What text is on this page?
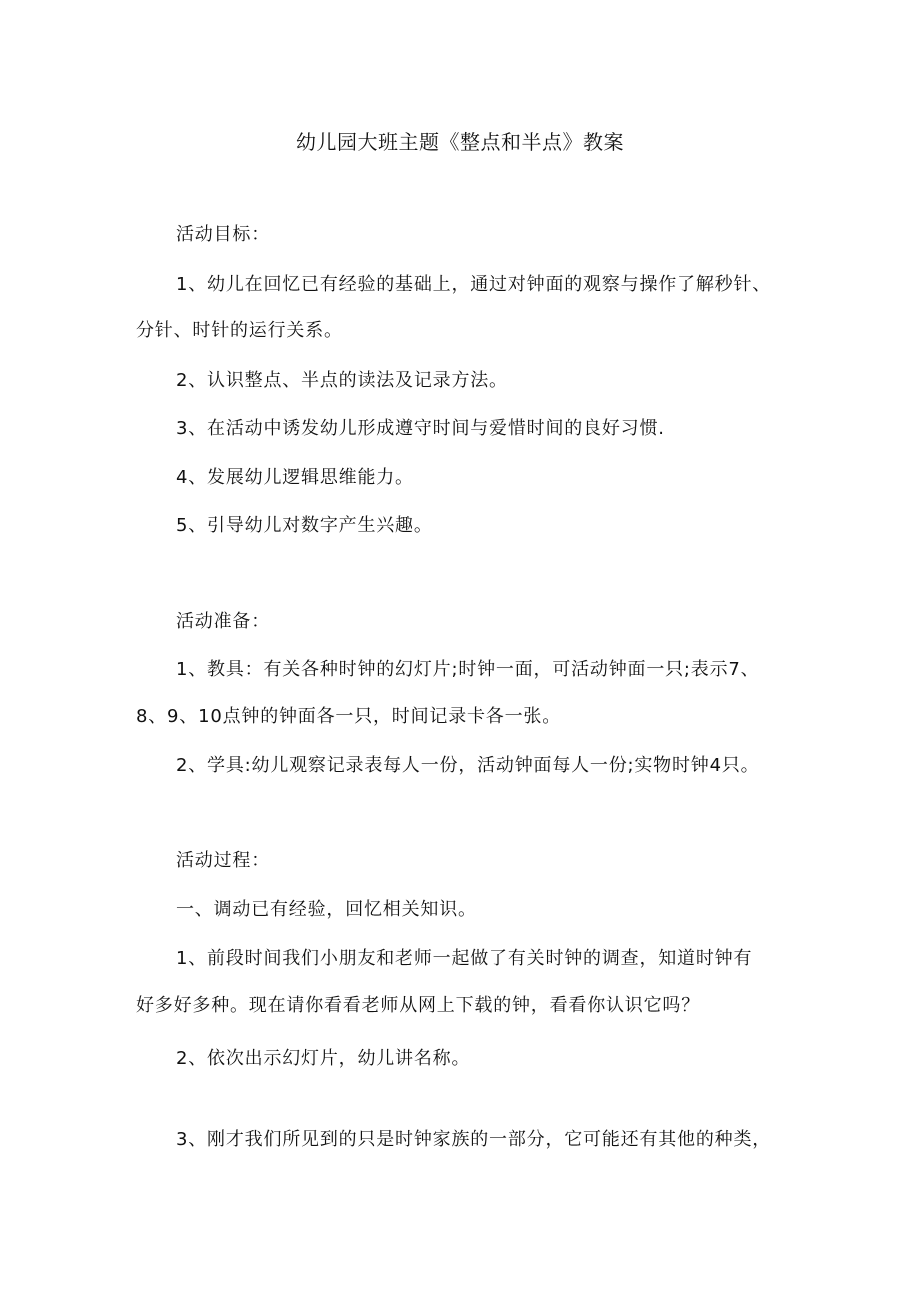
幼儿园大班主题《整点和半点》教案
活动目标：
1、幼儿在回忆已有经验的基础上，通过对钟面的观察与操作了解秒针、
分针、时针的运行关系。
2、认识整点、半点的读法及记录方法。
3、在活动中诱发幼儿形成遵守时间与爱惜时间的良好习惯.
4、发展幼儿逻辑思维能力。
5、引导幼儿对数字产生兴趣。
活动准备：
1、教具：有关各种时钟的幻灯片;时钟一面，可活动钟面一只;表示7、
8、9、10点钟的钟面各一只，时间记录卡各一张。
2、学具:幼儿观察记录表每人一份，活动钟面每人一份;实物时钟4只。
活动过程：
一、调动已有经验，回忆相关知识。
1、前段时间我们小朋友和老师一起做了有关时钟的调查，知道时钟有
好多好多种。现在请你看看老师从网上下载的钟，看看你认识它吗？
2、依次出示幻灯片，幼儿讲名称。
3、刚才我们所见到的只是时钟家族的一部分，它可能还有其他的种类，
